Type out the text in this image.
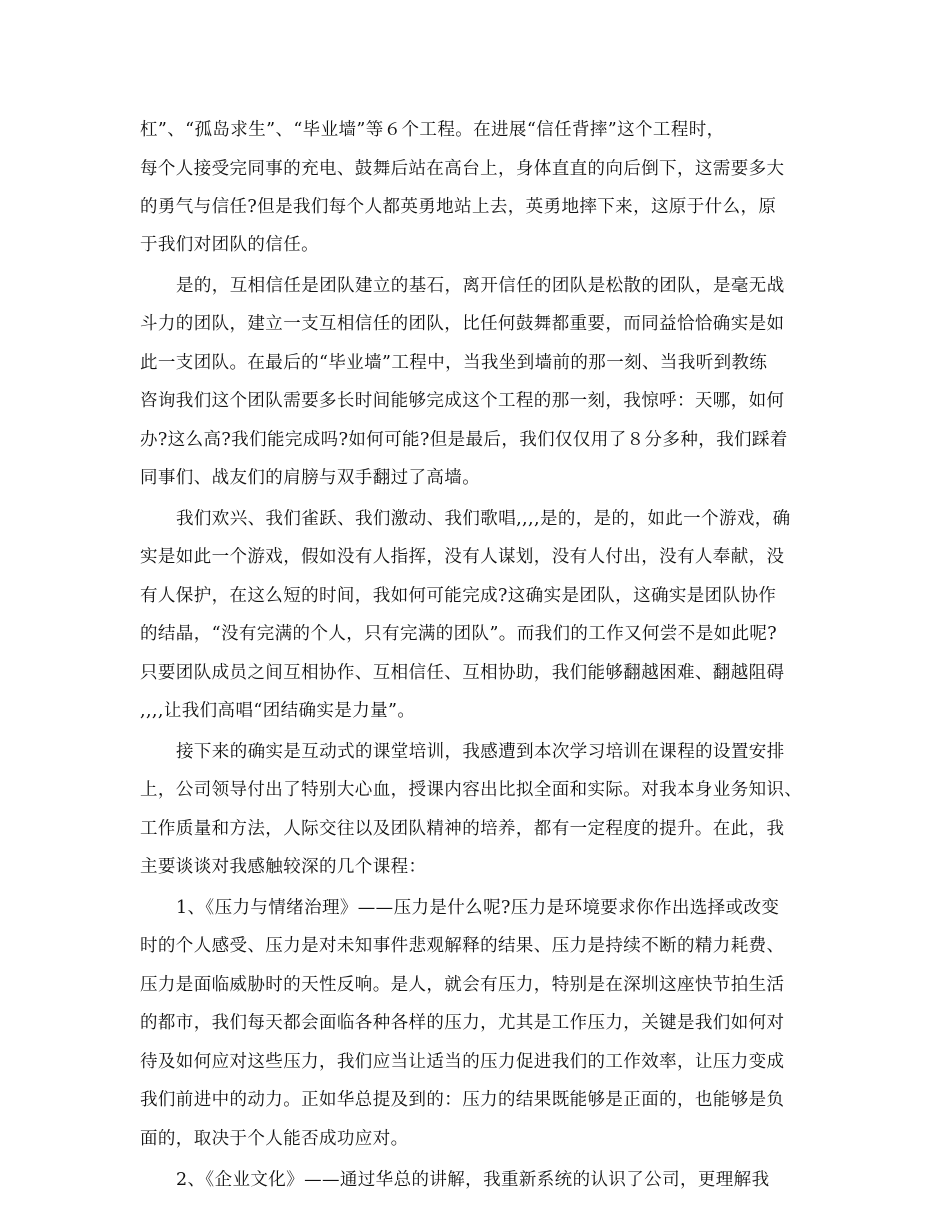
杠”、“孤岛求生”、“毕业墙”等６个工程。在进展“信任背摔”这个工程时，
每个人接受完同事的充电、鼓舞后站在高台上，身体直直的向后倒下，这需要多大
的勇气与信任?但是我们每个人都英勇地站上去，英勇地摔下来，这原于什么，原
于我们对团队的信任。
是的，互相信任是团队建立的基石，离开信任的团队是松散的团队，是毫无战
斗力的团队，建立一支互相信任的团队，比任何鼓舞都重要，而同益恰恰确实是如
此一支团队。在最后的“毕业墙”工程中，当我坐到墙前的那一刻、当我听到教练
咨询我们这个团队需要多长时间能够完成这个工程的那一刻，我惊呼：天哪，如何
办?这么高?我们能完成吗?如何可能?但是最后，我们仅仅用了８分多种，我们踩着
同事们、战友们的肩膀与双手翻过了高墙。
我们欢兴、我们雀跃、我们激动、我们歌唱,,,,是的，是的，如此一个游戏，确
实是如此一个游戏，假如没有人指挥，没有人谋划，没有人付出，没有人奉献，没
有人保护，在这么短的时间，我如何可能完成?这确实是团队，这确实是团队协作
的结晶，“没有完满的个人，只有完满的团队”。而我们的工作又何尝不是如此呢?
只要团队成员之间互相协作、互相信任、互相协助，我们能够翻越困难、翻越阻碍
,,,,让我们高唱“团结确实是力量”。
接下来的确实是互动式的课堂培训，我感遭到本次学习培训在课程的设置安排
上，公司领导付出了特别大心血，授课内容出比拟全面和实际。对我本身业务知识、
工作质量和方法，人际交往以及团队精神的培养，都有一定程度的提升。在此，我
主要谈谈对我感触较深的几个课程：
1、《压力与情绪治理》——压力是什么呢?压力是环境要求你作出选择或改变
时的个人感受、压力是对未知事件悲观解释的结果、压力是持续不断的精力耗费、
压力是面临威胁时的天性反响。是人，就会有压力，特别是在深圳这座快节拍生活
的都市，我们每天都会面临各种各样的压力，尤其是工作压力，关键是我们如何对
待及如何应对这些压力，我们应当让适当的压力促进我们的工作效率，让压力变成
我们前进中的动力。正如华总提及到的：压力的结果既能够是正面的，也能够是负
面的，取决于个人能否成功应对。
2、《企业文化》——通过华总的讲解，我重新系统的认识了公司，更理解我
